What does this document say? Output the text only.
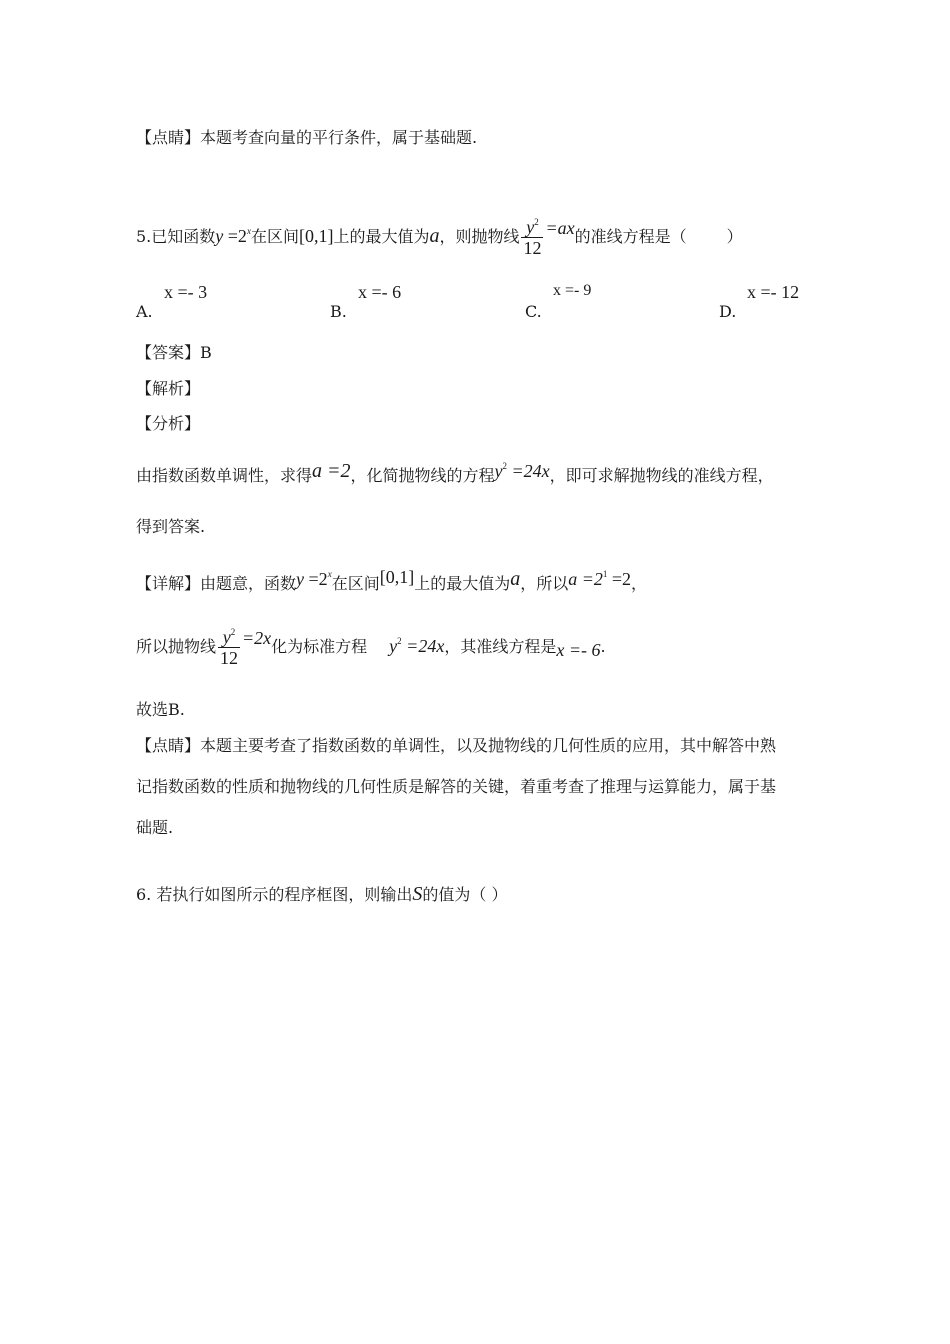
【点睛】本题考查向量的平行条件，属于基础题.
5.已知函数$y =2^x$在区间[0,1]上的最大值为a，则抛物线 $\frac{y^2}{12} =ax$的准线方程是（	）
A.
x =- 3
B.
x =- 6
C.
x =- 9
D.
x =- 12
【答案】B
【解析】
【分析】
由指数函数单调性，求得a =2，化简抛物线的方程$y^2 =24x$，即可求解抛物线的准线方程，
得到答案.
【详解】由题意，函数$y =2^x$在区间[0,1]上的最大值为a，所以$a =2^1 =2$，
所以抛物线 $\frac{y^2}{12} =2x$化为标准方程 $y^2 =24x$，其准线方程是x =- 6.
故选B.
【点睛】本题主要考查了指数函数的单调性，以及抛物线的几何性质的应用，其中解答中熟
记指数函数的性质和抛物线的几何性质是解答的关键，着重考查了推理与运算能力，属于基
础题.
6. 若执行如图所示的程序框图，则输出S的值为（ ）
